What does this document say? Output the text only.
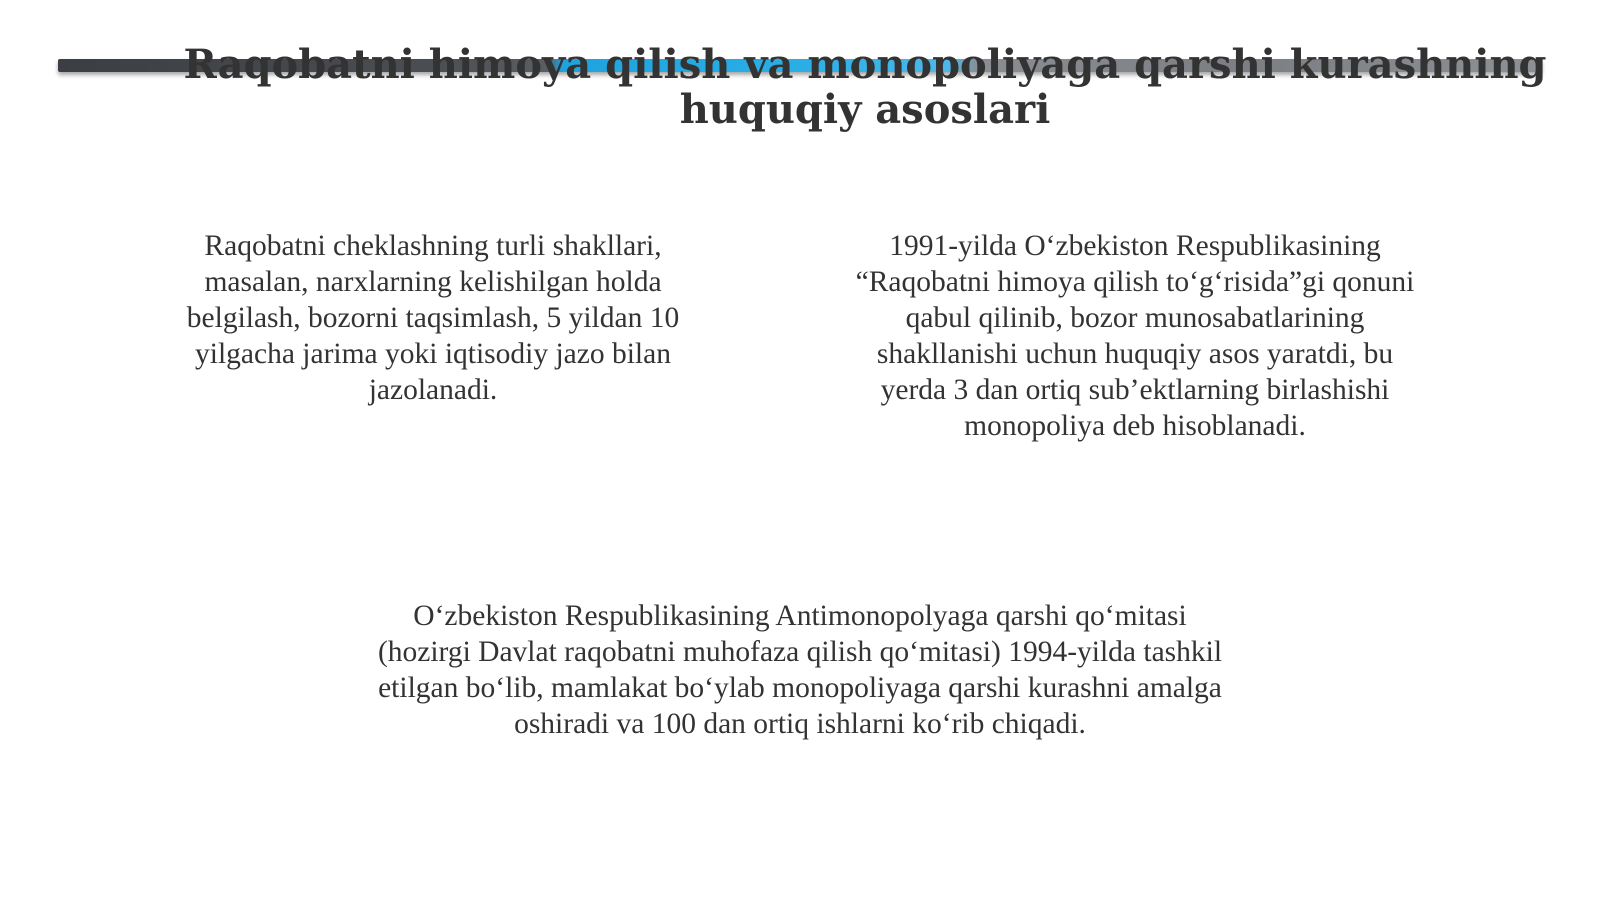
Raqobatni himoya qilish va monopoliyaga qarshi kurashning huquqiy asoslari
Raqobatni cheklashning turli shakllari,
masalan, narxlarning kelishilgan holda
belgilash, bozorni taqsimlash, 5 yildan 10
yilgacha jarima yoki iqtisodiy jazo bilan
jazolanadi.
1991-yilda O‘zbekiston Respublikasining
“Raqobatni himoya qilish to‘g‘risida”gi qonuni
qabul qilinib, bozor munosabatlarining
shakllanishi uchun huquqiy asos yaratdi, bu
yerda 3 dan ortiq sub’ektlarning birlashishi
monopoliya deb hisoblanadi.
O‘zbekiston Respublikasining Antimonopolyaga qarshi qo‘mitasi
(hozirgi Davlat raqobatni muhofaza qilish qo‘mitasi) 1994-yilda tashkil
etilgan bo‘lib, mamlakat bo‘ylab monopoliyaga qarshi kurashni amalga
oshiradi va 100 dan ortiq ishlarni ko‘rib chiqadi.
